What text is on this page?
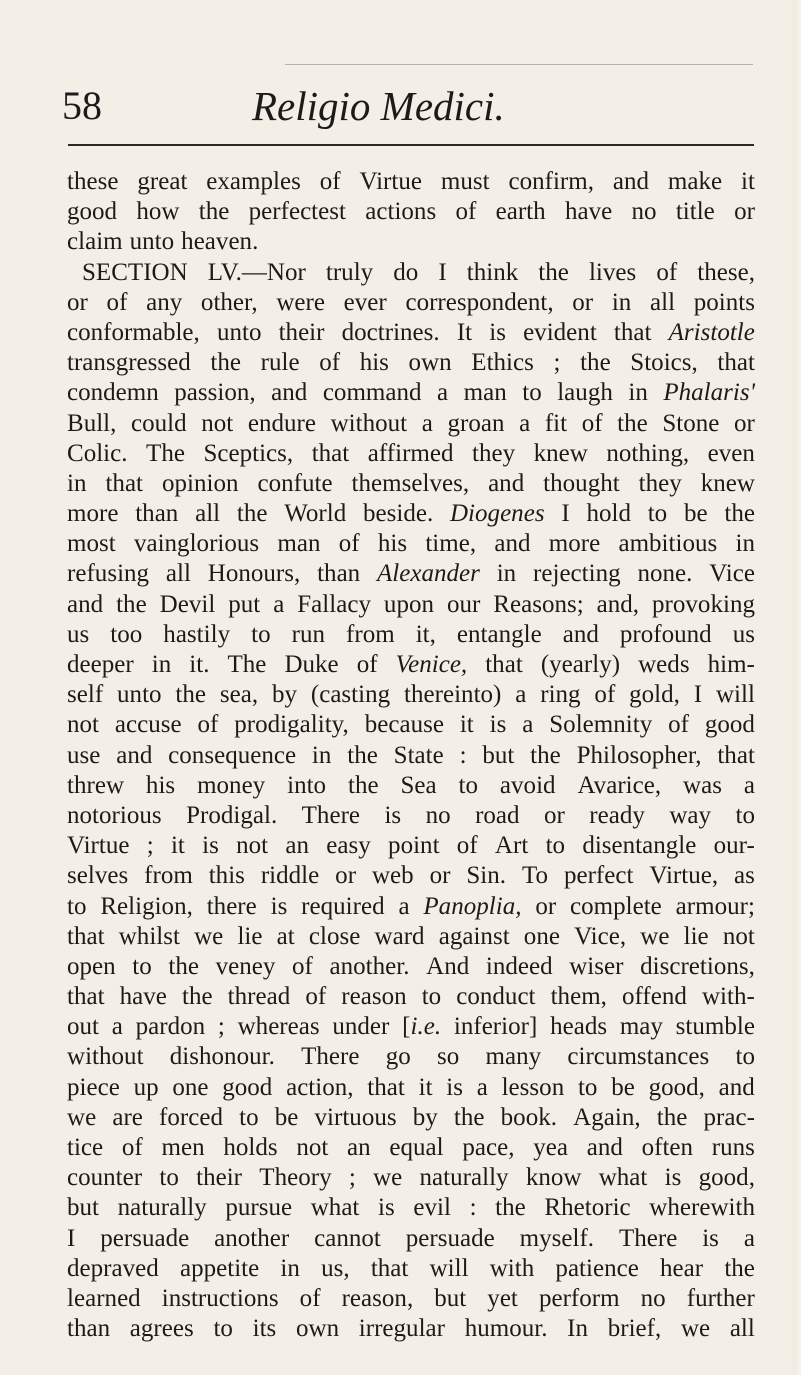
58	Religio Medici.
these great examples of Virtue must confirm, and make it
good how the perfectest actions of earth have no title or
claim unto heaven.
SECTION LV.—Nor truly do I think the lives of these,
or of any other, were ever correspondent, or in all points
conformable, unto their doctrines. It is evident that Aristotle
transgressed the rule of his own Ethics ; the Stoics, that
condemn passion, and command a man to laugh in Phalaris'
Bull, could not endure without a groan a fit of the Stone or
Colic. The Sceptics, that affirmed they knew nothing, even
in that opinion confute themselves, and thought they knew
more than all the World beside. Diogenes I hold to be the
most vainglorious man of his time, and more ambitious in
refusing all Honours, than Alexander in rejecting none. Vice
and the Devil put a Fallacy upon our Reasons; and, provoking
us too hastily to run from it, entangle and profound us
deeper in it. The Duke of Venice, that (yearly) weds him-
self unto the sea, by (casting thereinto) a ring of gold, I will
not accuse of prodigality, because it is a Solemnity of good
use and consequence in the State : but the Philosopher, that
threw his money into the Sea to avoid Avarice, was a
notorious Prodigal. There is no road or ready way to
Virtue ; it is not an easy point of Art to disentangle our-
selves from this riddle or web or Sin. To perfect Virtue, as
to Religion, there is required a Panoplia, or complete armour;
that whilst we lie at close ward against one Vice, we lie not
open to the veney of another. And indeed wiser discretions,
that have the thread of reason to conduct them, offend with-
out a pardon ; whereas under [i.e. inferior] heads may stumble
without dishonour. There go so many circumstances to
piece up one good action, that it is a lesson to be good, and
we are forced to be virtuous by the book. Again, the prac-
tice of men holds not an equal pace, yea and often runs
counter to their Theory ; we naturally know what is good,
but naturally pursue what is evil : the Rhetoric wherewith
I persuade another cannot persuade myself. There is a
depraved appetite in us, that will with patience hear the
learned instructions of reason, but yet perform no further
than agrees to its own irregular humour. In brief, we all
